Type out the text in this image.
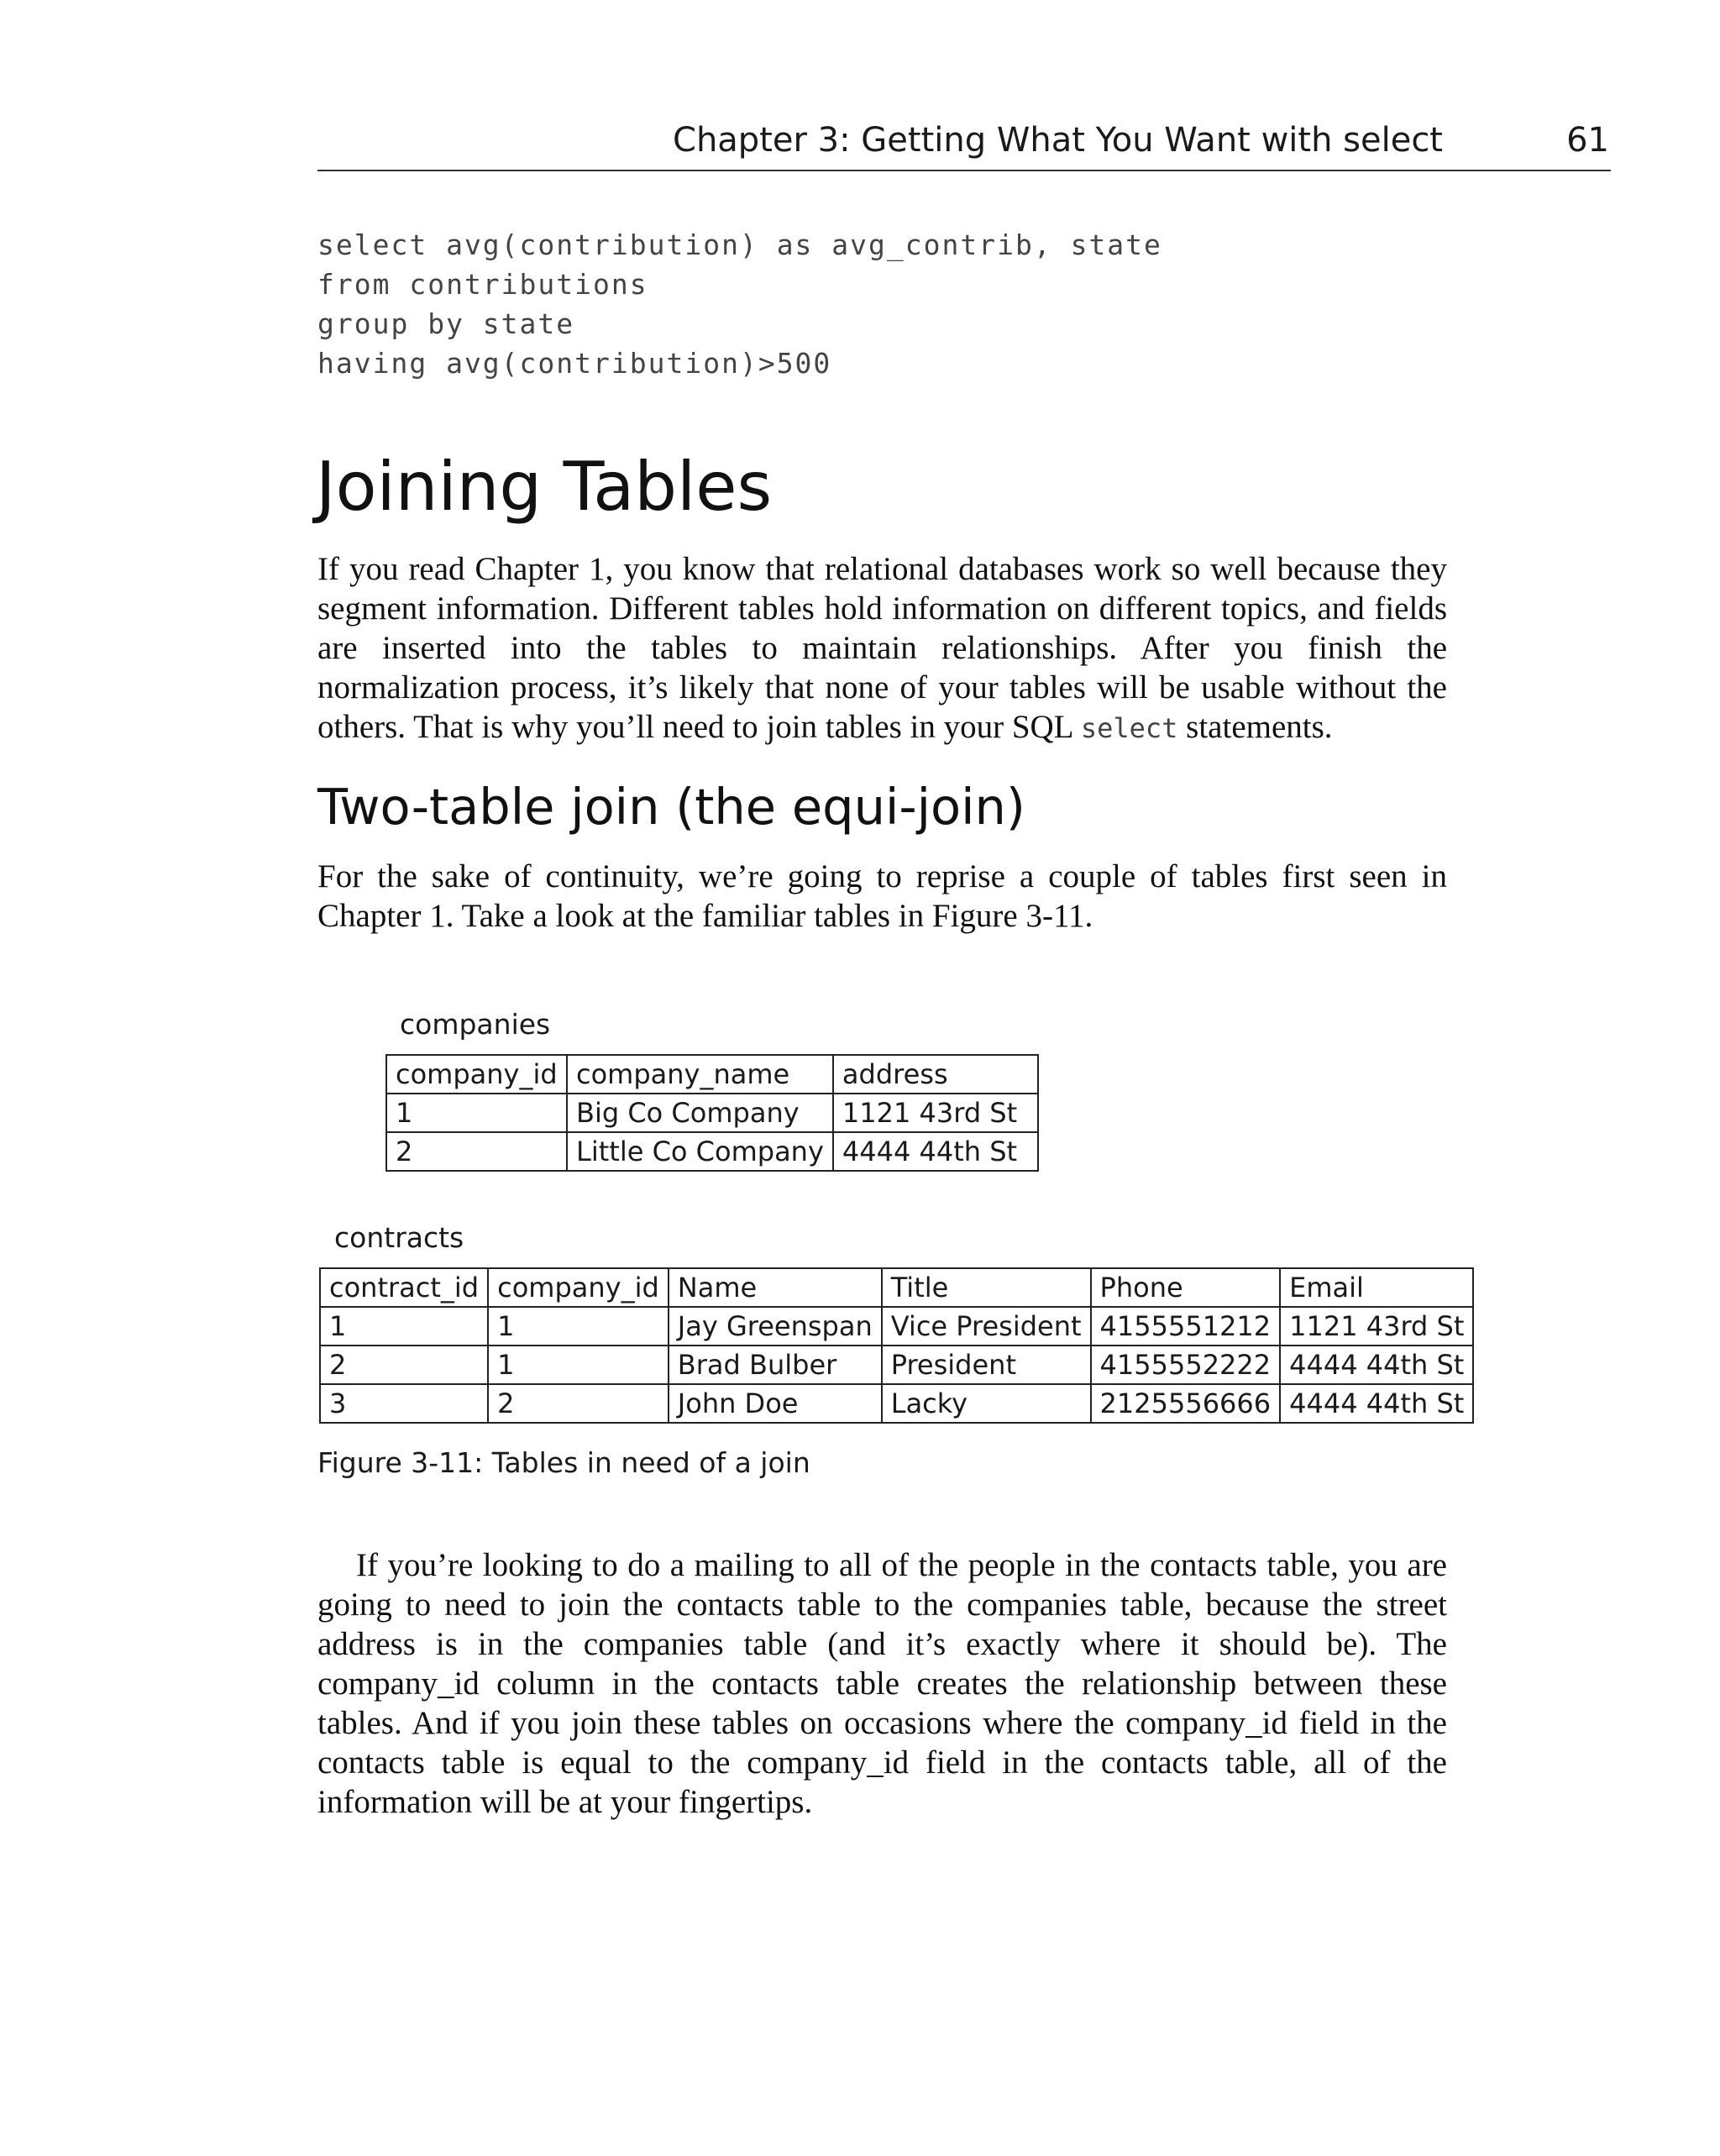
Chapter 3: Getting What You Want with select	61
select avg(contribution) as avg_contrib, state
from contributions
group by state
having avg(contribution)>500
Joining Tables

If you read Chapter 1, you know that relational databases work so well because they segment information. Different tables hold information on different topics, and fields are inserted into the tables to maintain relationships. After you finish the normalization process, it’s likely that none of your tables will be usable without the others. That is why you’ll need to join tables in your SQL select statements.

Two-table join (the equi-join)

For the sake of continuity, we’re going to reprise a couple of tables first seen in Chapter 1. Take a look at the familiar tables in Figure 3-11.

companies
company_id	company_name	address
1	Big Co Company	1121 43rd St
2	Little Co Company	4444 44th St
contracts
contract_id	company_id	Name	Title	Phone	Email
1	1	Jay Greenspan	Vice President	4155551212	1121 43rd St
2	1	Brad Bulber	President	4155552222	4444 44th St
3	2	John Doe	Lacky	2125556666	4444 44th St
Figure 3-11: Tables in need of a join

If you’re looking to do a mailing to all of the people in the contacts table, you are going to need to join the contacts table to the companies table, because the street address is in the companies table (and it’s exactly where it should be). The company_id column in the contacts table creates the relationship between these tables. And if you join these tables on occasions where the company_id field in the contacts table is equal to the company_id field in the contacts table, all of the information will be at your fingertips.
